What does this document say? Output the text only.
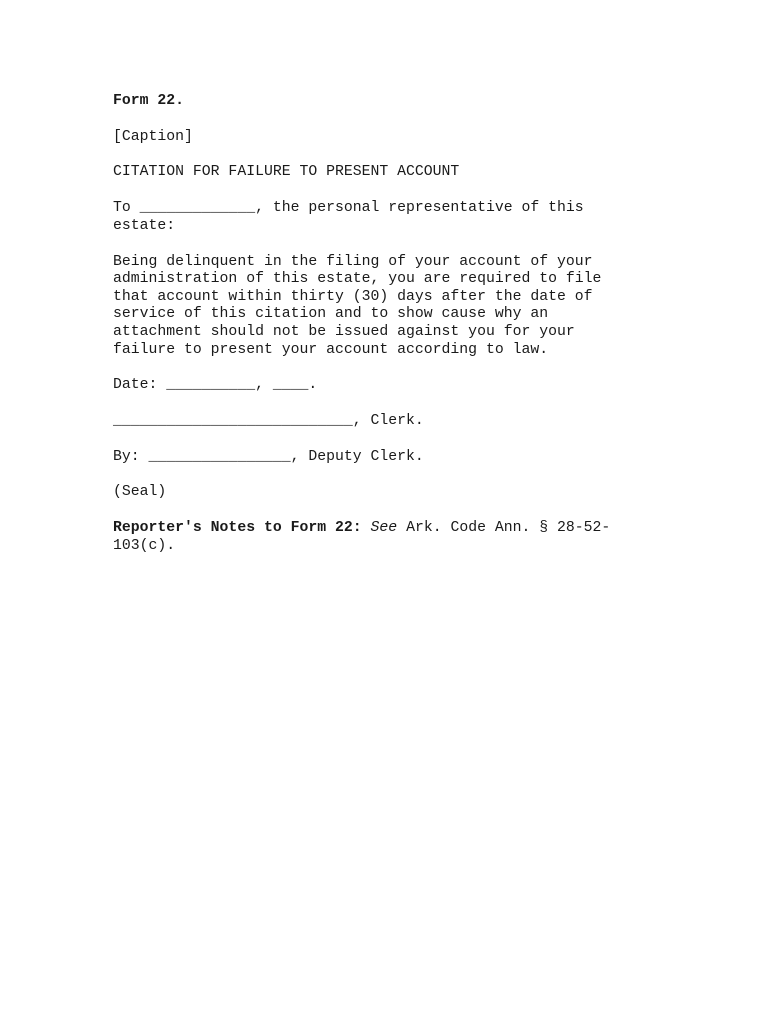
Form 22.

[Caption]

CITATION FOR FAILURE TO PRESENT ACCOUNT

To _____________, the personal representative of this

estate:

Being delinquent in the filing of your account of your

administration of this estate, you are required to file

that account within thirty (30) days after the date of

service of this citation and to show cause why an

attachment should not be issued against you for your

failure to present your account according to law.

Date: __________, ____.

___________________________, Clerk.

By: ________________, Deputy Clerk.

(Seal)

Reporter's Notes to Form 22: See Ark. Code Ann. § 28-52-

103(c).
